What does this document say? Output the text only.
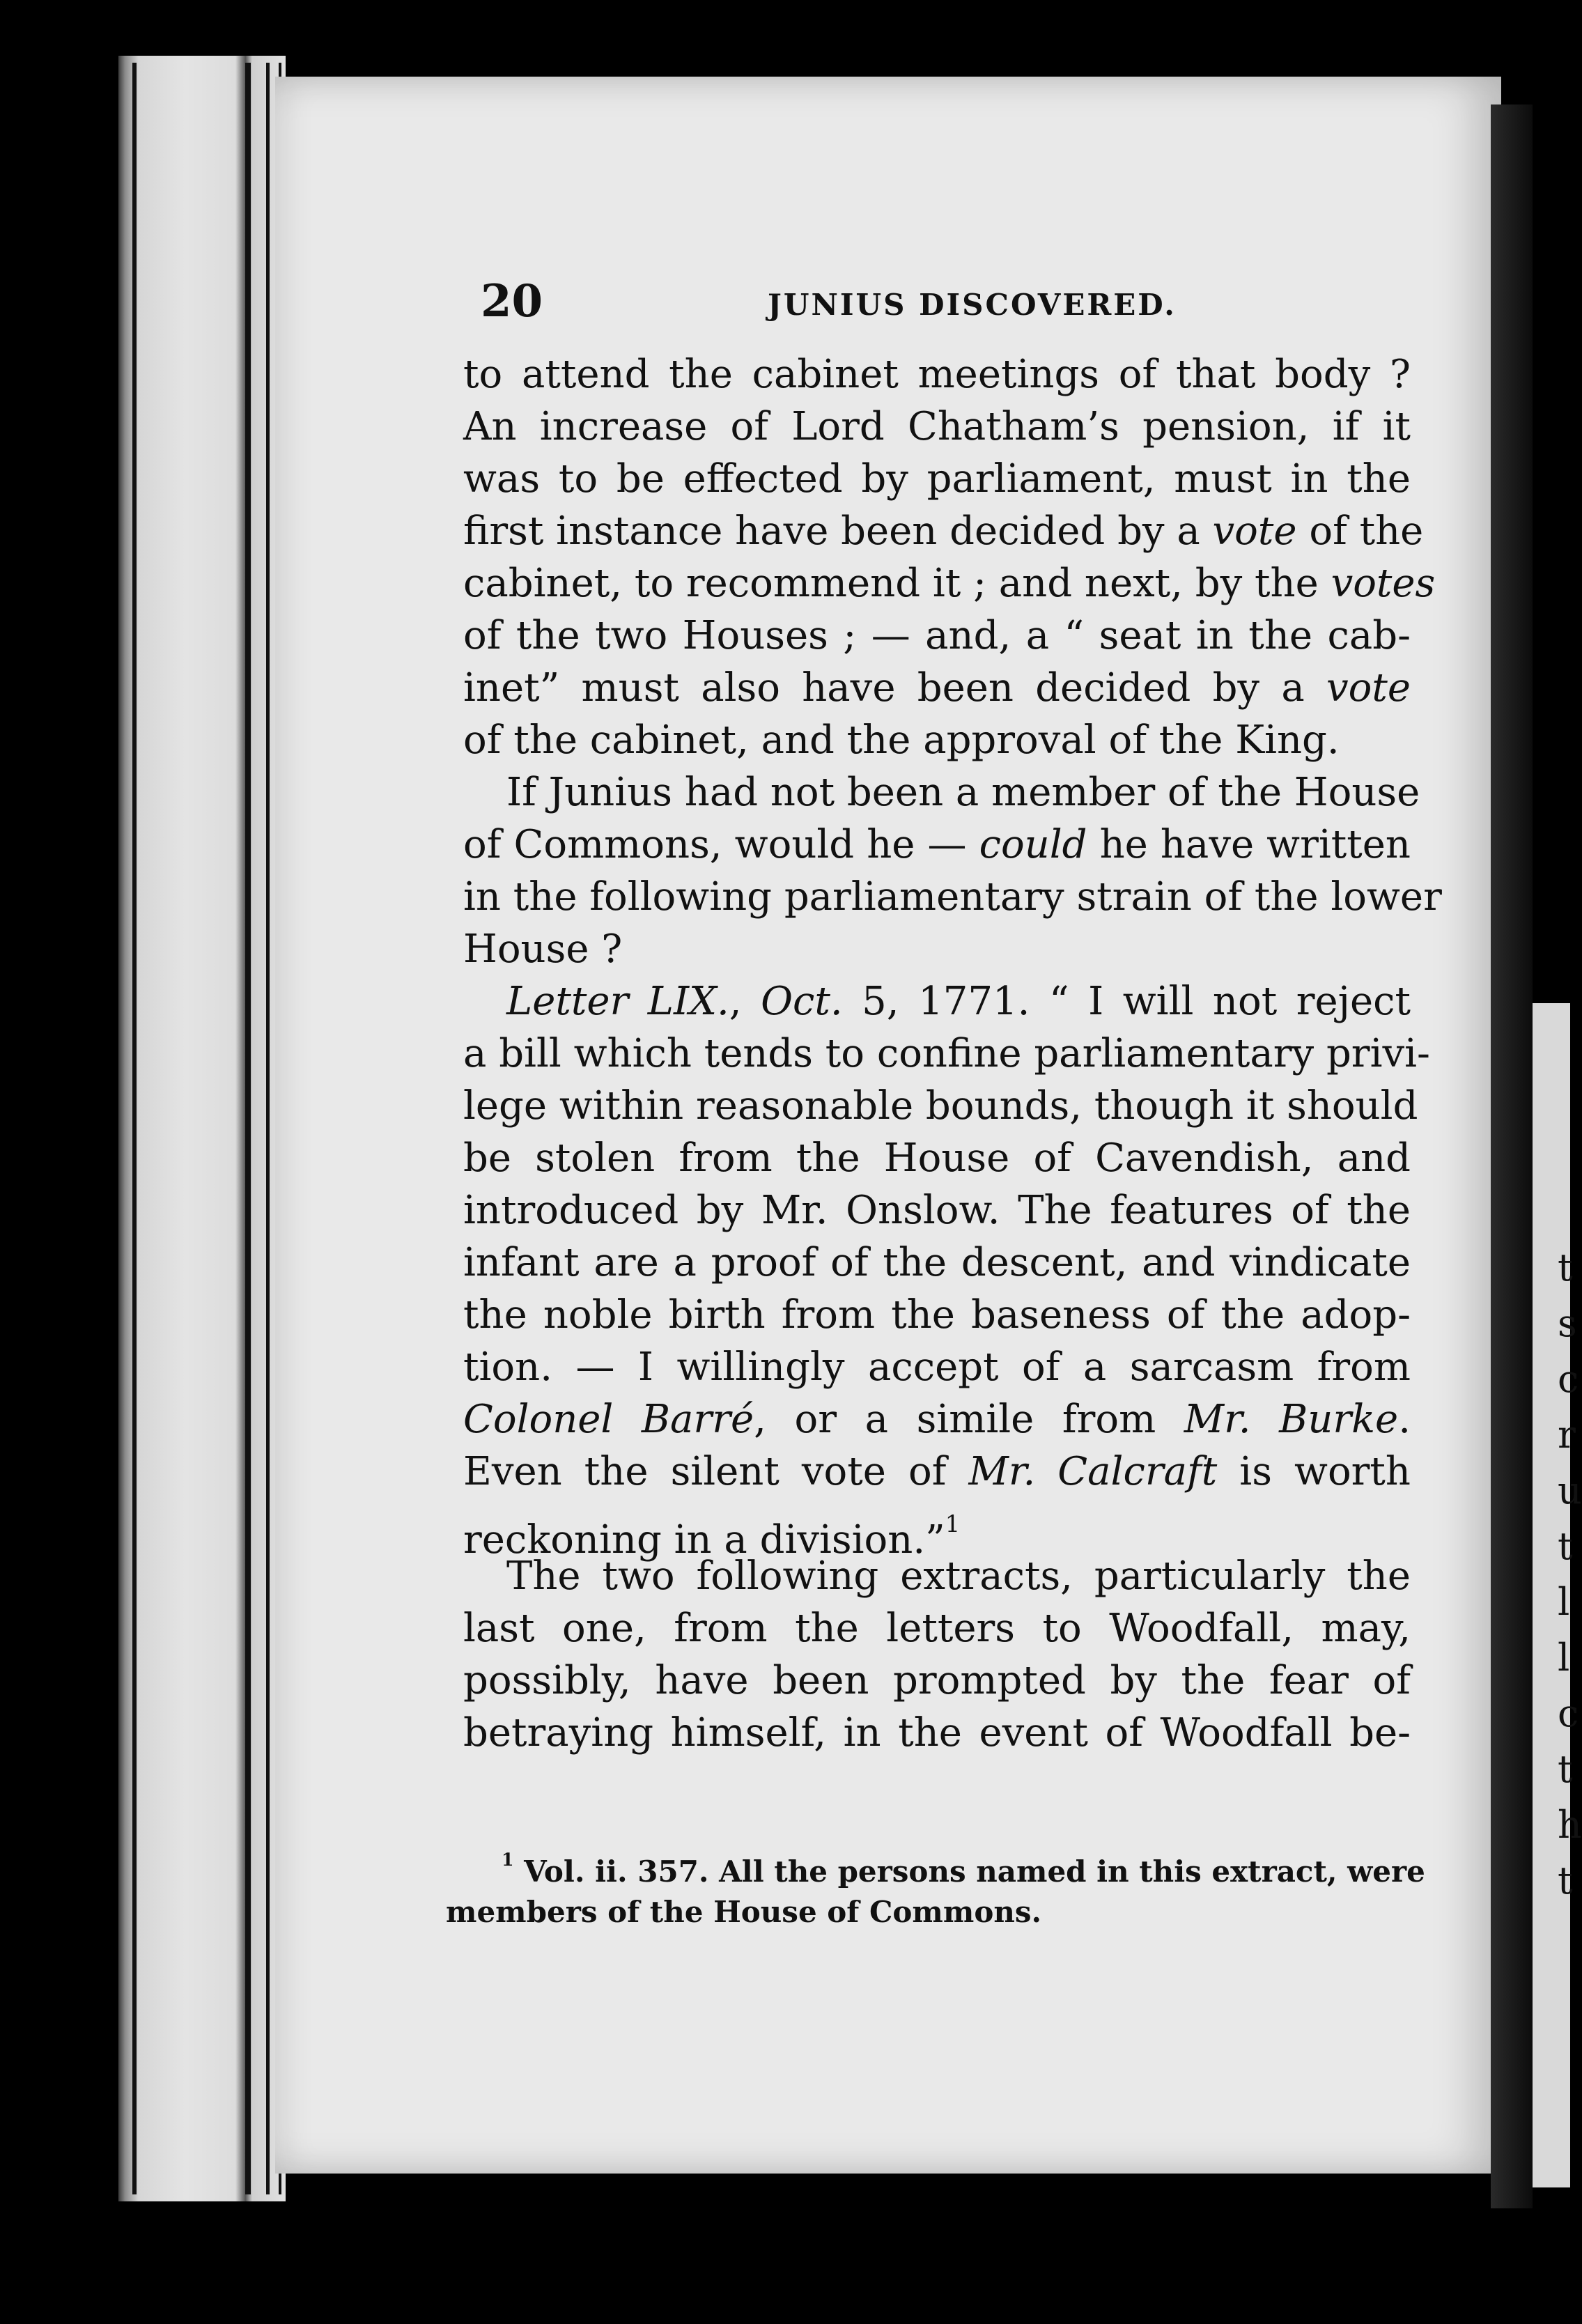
t
s
c
r
u
t
l
l
c
t
h
t
20	JUNIUS DISCOVERED.
to attend the cabinet meetings of that body ?
An increase of Lord Chatham’s pension, if it
was to be effected by parliament, must in the
first instance have been decided by a vote of the
cabinet, to recommend it ; and next, by the votes
of the two Houses ; — and, a “ seat in the cab-
inet” must also have been decided by a vote
of the cabinet, and the approval of the King.
If Junius had not been a member of the House
of Commons, would he — could he have written
in the following parliamentary strain of the lower
House ?
Letter LIX., Oct. 5, 1771. “ I will not reject
a bill which tends to confine parliamentary privi-
lege within reasonable bounds, though it should
be stolen from the House of Cavendish, and
introduced by Mr. Onslow. The features of the
infant are a proof of the descent, and vindicate
the noble birth from the baseness of the adop-
tion. — I willingly accept of a sarcasm from
Colonel Barré, or a simile from Mr. Burke.
Even the silent vote of Mr. Calcraft is worth
reckoning in a division.”$^1$
The two following extracts, particularly the
last one, from the letters to Woodfall, may,
possibly, have been prompted by the fear of
betraying himself, in the event of Woodfall be-
$^1$ Vol. ii. 357. All the persons named in this extract, were
members of the House of Commons.
